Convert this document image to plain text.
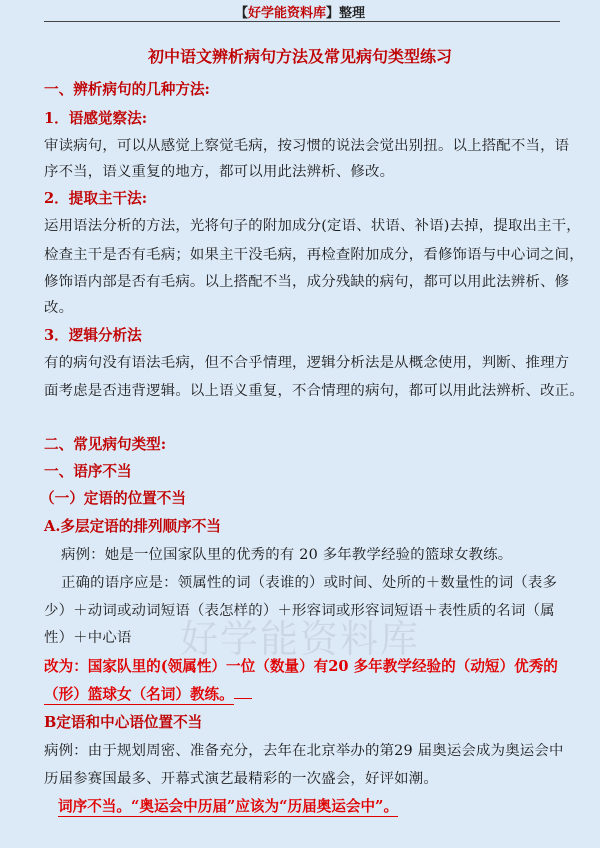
【好学能资料库】整理
初中语文辨析病句方法及常见病句类型练习
一、辨析病句的几种方法:
1．语感觉察法:
审读病句，可以从感觉上察觉毛病，按习惯的说法会觉出别扭。以上搭配不当，语
序不当，语义重复的地方，都可以用此法辨析、修改。
2．提取主干法:
运用语法分析的方法，光将句子的附加成分(定语、状语、补语)去掉，提取出主干，
检查主干是否有毛病；如果主干没毛病，再检查附加成分，看修饰语与中心词之间，
修饰语内部是否有毛病。以上搭配不当，成分残缺的病句，都可以用此法辨析、修
改。
3．逻辑分析法
有的病句没有语法毛病，但不合乎情理，逻辑分析法是从概念使用，判断、推理方
面考虑是否违背逻辑。以上语义重复，不合情理的病句，都可以用此法辨析、改正。
二、常见病句类型:
一、语序不当
（一）定语的位置不当
A.多层定语的排列顺序不当
病例：她是一位国家队里的优秀的有 20 多年教学经验的篮球女教练。
正确的语序应是：领属性的词（表谁的）或时间、处所的＋数量性的词（表多
少）＋动词或动词短语（表怎样的）＋形容词或形容词短语＋表性质的名词（属
性）＋中心语	好学能资料库
改为：国家队里的(领属性）一位（数量）有20 多年教学经验的（动短）优秀的
（形）篮球女（名词）教练。
B定语和中心语位置不当
病例：由于规划周密、准备充分，去年在北京举办的第29 届奥运会成为奥运会中
历届参赛国最多、开幕式演艺最精彩的一次盛会，好评如潮。
词序不当。“奥运会中历届”应该为“历届奥运会中”。
